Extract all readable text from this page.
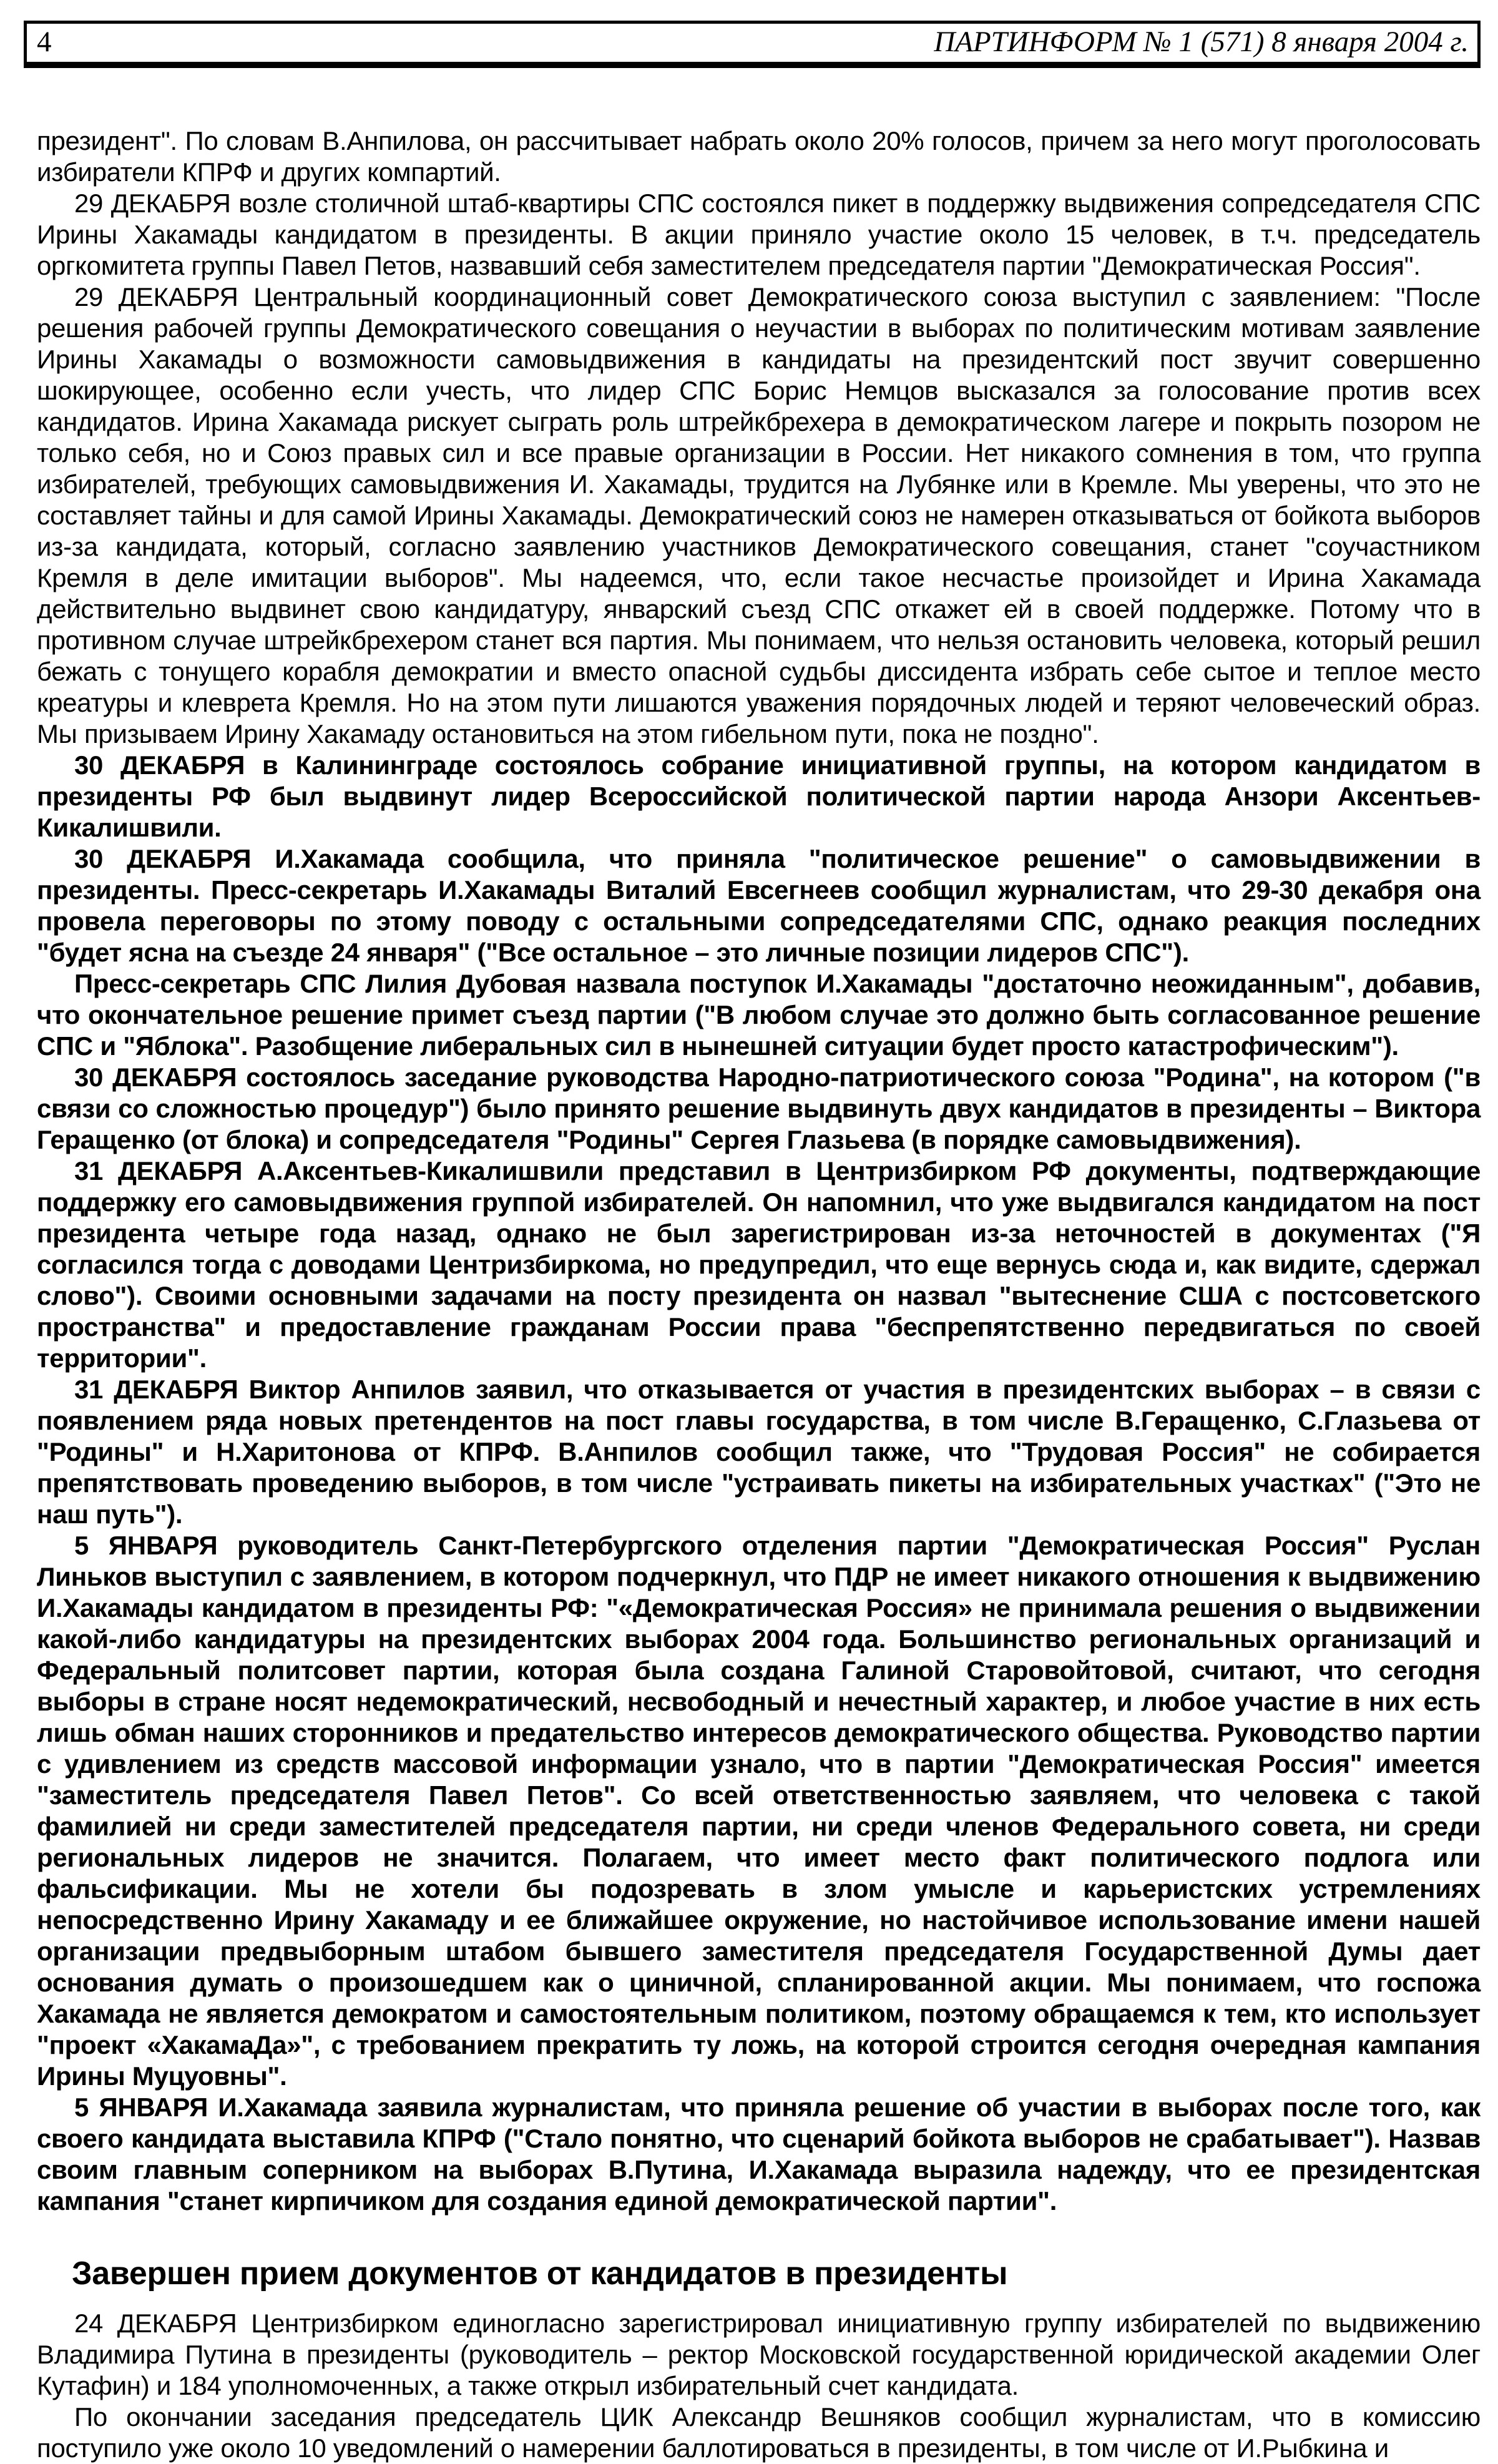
4	ПАРТИНФОРМ № 1 (571) 8 января 2004 г.

президент". По словам В.Анпилова, он рассчитывает набрать около 20% голосов, причем за него могут проголосовать избиратели КПРФ и других компартий.

29 ДЕКАБРЯ возле столичной штаб-квартиры СПС состоялся пикет в поддержку выдвижения сопредседателя СПС Ирины Хакамады кандидатом в президенты. В акции приняло участие около 15 человек, в т.ч. председатель оргкомитета группы Павел Петов, назвавший себя заместителем председателя партии "Демократическая Россия".

29 ДЕКАБРЯ Центральный координационный совет Демократического союза выступил с заявлением: "После решения рабочей группы Демократического совещания о неучастии в выборах по политическим мотивам заявление Ирины Хакамады о возможности самовыдвижения в кандидаты на президентский пост звучит совершенно шокирующее, особенно если учесть, что лидер СПС Борис Немцов высказался за голосование против всех кандидатов. Ирина Хакамада рискует сыграть роль штрейкбрехера в демократическом лагере и покрыть позором не только себя, но и Союз правых сил и все правые организации в России. Нет никакого сомнения в том, что группа избирателей, требующих самовыдвижения И. Хакамады, трудится на Лубянке или в Кремле. Мы уверены, что это не составляет тайны и для самой Ирины Хакамады. Демократический союз не намерен отказываться от бойкота выборов из-за кандидата, который, согласно заявлению участников Демократического совещания, станет "соучастником Кремля в деле имитации выборов". Мы надеемся, что, если такое несчастье произойдет и Ирина Хакамада действительно выдвинет свою кандидатуру, январский съезд СПС откажет ей в своей поддержке. Потому что в противном случае штрейкбрехером станет вся партия. Мы понимаем, что нельзя остановить человека, который решил бежать с тонущего корабля демократии и вместо опасной судьбы диссидента избрать себе сытое и теплое место креатуры и клеврета Кремля. Но на этом пути лишаются уважения порядочных людей и теряют человеческий образ. Мы призываем Ирину Хакамаду остановиться на этом гибельном пути, пока не поздно".

30 ДЕКАБРЯ в Калининграде состоялось собрание инициативной группы, на котором кандидатом в президенты РФ был выдвинут лидер Всероссийской политической партии народа Анзори Аксентьев-Кикалишвили.

30 ДЕКАБРЯ И.Хакамада сообщила, что приняла "политическое решение" о самовыдвижении в президенты. Пресс-секретарь И.Хакамады Виталий Евсегнеев сообщил журналистам, что 29-30 декабря она провела переговоры по этому поводу с остальными сопредседателями СПС, однако реакция последних "будет ясна на съезде 24 января" ("Все остальное – это личные позиции лидеров СПС").

Пресс-секретарь СПС Лилия Дубовая назвала поступок И.Хакамады "достаточно неожиданным", добавив, что окончательное решение примет съезд партии ("В любом случае это должно быть согласованное решение СПС и "Яблока". Разобщение либеральных сил в нынешней ситуации будет просто катастрофическим").

30 ДЕКАБРЯ состоялось заседание руководства Народно-патриотического союза "Родина", на котором ("в связи со сложностью процедур") было принято решение выдвинуть двух кандидатов в президенты – Виктора Геращенко (от блока) и сопредседателя "Родины" Сергея Глазьева (в порядке самовыдвижения).

31 ДЕКАБРЯ А.Аксентьев-Кикалишвили представил в Центризбирком РФ документы, подтверждающие поддержку его самовыдвижения группой избирателей. Он напомнил, что уже выдвигался кандидатом на пост президента четыре года назад, однако не был зарегистрирован из-за неточностей в документах ("Я согласился тогда с доводами Центризбиркома, но предупредил, что еще вернусь сюда и, как видите, сдержал слово"). Своими основными задачами на посту президента он назвал "вытеснение США с постсоветского пространства" и предоставление гражданам России права "беспрепятственно передвигаться по своей территории".

31 ДЕКАБРЯ Виктор Анпилов заявил, что отказывается от участия в президентских выборах – в связи с появлением ряда новых претендентов на пост главы государства, в том числе В.Геращенко, С.Глазьева от "Родины" и Н.Харитонова от КПРФ. В.Анпилов сообщил также, что "Трудовая Россия" не собирается препятствовать проведению выборов, в том числе "устраивать пикеты на избирательных участках" ("Это не наш путь").

5 ЯНВАРЯ руководитель Санкт-Петербургского отделения партии "Демократическая Россия" Руслан Линьков выступил с заявлением, в котором подчеркнул, что ПДР не имеет никакого отношения к выдвижению И.Хакамады кандидатом в президенты РФ: "«Демократическая Россия» не принимала решения о выдвижении какой-либо кандидатуры на президентских выборах 2004 года. Большинство региональных организаций и Федеральный политсовет партии, которая была создана Галиной Старовойтовой, считают, что сегодня выборы в стране носят недемократический, несвободный и нечестный характер, и любое участие в них есть лишь обман наших сторонников и предательство интересов демократического общества. Руководство партии с удивлением из средств массовой информации узнало, что в партии "Демократическая Россия" имеется "заместитель председателя Павел Петов". Со всей ответственностью заявляем, что человека с такой фамилией ни среди заместителей председателя партии, ни среди членов Федерального совета, ни среди региональных лидеров не значится. Полагаем, что имеет место факт политического подлога или фальсификации. Мы не хотели бы подозревать в злом умысле и карьеристских устремлениях непосредственно Ирину Хакамаду и ее ближайшее окружение, но настойчивое использование имени нашей организации предвыборным штабом бывшего заместителя председателя Государственной Думы дает основания думать о произошедшем как о циничной, спланированной акции. Мы понимаем, что госпожа Хакамада не является демократом и самостоятельным политиком, поэтому обращаемся к тем, кто использует "проект «ХакамаДа»", с требованием прекратить ту ложь, на которой строится сегодня очередная кампания Ирины Муцуовны".

5 ЯНВАРЯ И.Хакамада заявила журналистам, что приняла решение об участии в выборах после того, как своего кандидата выставила КПРФ ("Стало понятно, что сценарий бойкота выборов не срабатывает"). Назвав своим главным соперником на выборах В.Путина, И.Хакамада выразила надежду, что ее президентская кампания "станет кирпичиком для создания единой демократической партии".

Завершен прием документов от кандидатов в президенты

24 ДЕКАБРЯ Центризбирком единогласно зарегистрировал инициативную группу избирателей по выдвижению Владимира Путина в президенты (руководитель – ректор Московской государственной юридической академии Олег Кутафин) и 184 уполномоченных, а также открыл избирательный счет кандидата.

По окончании заседания председатель ЦИК Александр Вешняков сообщил журналистам, что в комиссию поступило уже около 10 уведомлений о намерении баллотироваться в президенты, в том числе от И.Рыбкина и
